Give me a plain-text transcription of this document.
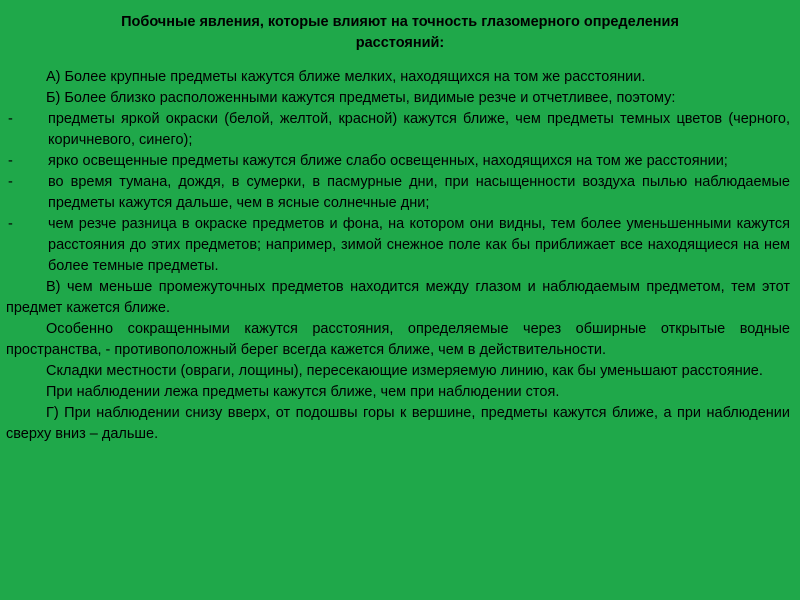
Побочные явления, которые влияют на точность глазомерного определения расстояний:

А) Более крупные предметы кажутся ближе мелких, находящихся на том же расстоянии.

Б) Более близко расположенными кажутся предметы, видимые резче и отчетливее, поэтому:

- предметы яркой окраски (белой, желтой, красной) кажутся ближе, чем предметы темных цветов (черного, коричневого, синего);
- ярко освещенные предметы кажутся ближе слабо освещенных, находящихся на том же расстоянии;
- во время тумана, дождя, в сумерки, в пасмурные дни, при насыщенности воздуха пылью наблюдаемые предметы кажутся дальше, чем в ясные солнечные дни;
- чем резче разница в окраске предметов и фона, на котором они видны, тем более уменьшенными кажутся расстояния до этих предметов; например, зимой снежное поле как бы приближает все находящиеся на нем более темные предметы.

В) чем меньше промежуточных предметов находится между глазом и наблюдаемым предметом, тем этот предмет кажется ближе.

Особенно сокращенными кажутся расстояния, определяемые через обширные открытые водные пространства, - противоположный берег всегда кажется ближе, чем в действительности.

Складки местности (овраги, лощины), пересекающие измеряемую линию, как бы уменьшают расстояние.

При наблюдении лежа предметы кажутся ближе, чем при наблюдении стоя.

Г) При наблюдении снизу вверх, от подошвы горы к вершине, предметы кажутся ближе, а при наблюдении сверху вниз – дальше.
